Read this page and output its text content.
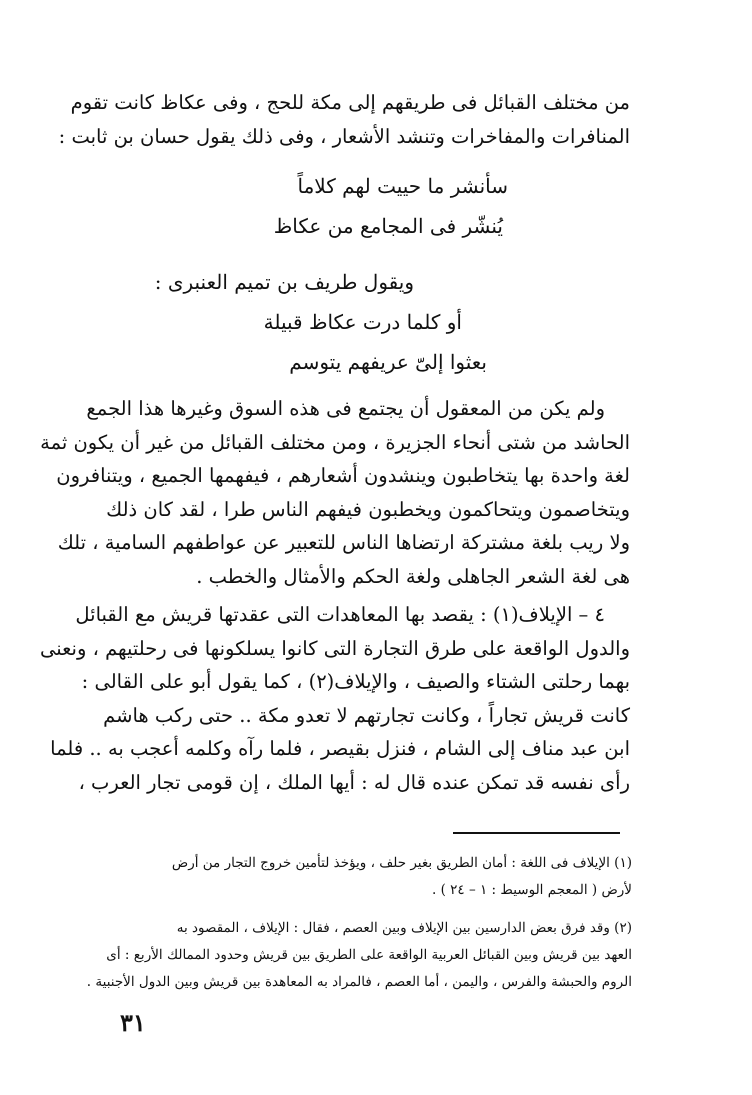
من مختلف القبائل فى طريقهم إلى مكة للحج ، وفى عكاظ كانت تقوم
المنافرات والمفاخرات وتنشد الأشعار ، وفى ذلك يقول حسان بن ثابت :
سأنشر ما حييت لهم كلاماً
يُنشّر فى المجامع من عكاظ
ويقول طريف بن تميم العنبرى :
أو كلما درت عكاظ قبيلة
بعثوا إلىّ عريفهم يتوسم
ولم يكن من المعقول أن يجتمع فى هذه السوق وغيرها هذا الجمع
الحاشد من شتى أنحاء الجزيرة ، ومن مختلف القبائل من غير أن يكون ثمة
لغة واحدة بها يتخاطبون وينشدون أشعارهم ، فيفهمها الجميع ، ويتنافرون
ويتخاصمون ويتحاكمون ويخطبون فيفهم الناس طرا ، لقد كان ذلك
ولا ريب بلغة مشتركة ارتضاها الناس للتعبير عن عواطفهم السامية ، تلك
هى لغة الشعر الجاهلى ولغة الحكم والأمثال والخطب .
٤ – الإيلاف(١) : يقصد بها المعاهدات التى عقدتها قريش مع القبائل
والدول الواقعة على طرق التجارة التى كانوا يسلكونها فى رحلتيهم ، ونعنى
بهما رحلتى الشتاء والصيف ، والإيلاف(٢) ، كما يقول أبو على القالى :
كانت قريش تجاراً ، وكانت تجارتهم لا تعدو مكة .. حتى ركب هاشم
ابن عبد مناف إلى الشام ، فنزل بقيصر ، فلما رآه وكلمه أعجب به .. فلما
رأى نفسه قد تمكن عنده قال له : أيها الملك ، إن قومى تجار العرب ،
(١) الإيلاف فى اللغة : أمان الطريق بغير حلف ، ويؤخذ لتأمين خروج التجار من أرض
لأرض ( المعجم الوسيط : ١ – ٢٤ ) .
(٢) وقد فرق بعض الدارسين بين الإيلاف وبين العصم ، فقال : الإيلاف ، المقصود به
العهد بين قريش وبين القبائل العربية الواقعة على الطريق بين قريش وحدود الممالك الأربع : أى
الروم والحبشة والفرس ، واليمن ، أما العصم ، فالمراد به المعاهدة بين قريش وبين الدول الأجنبية .
٣١
